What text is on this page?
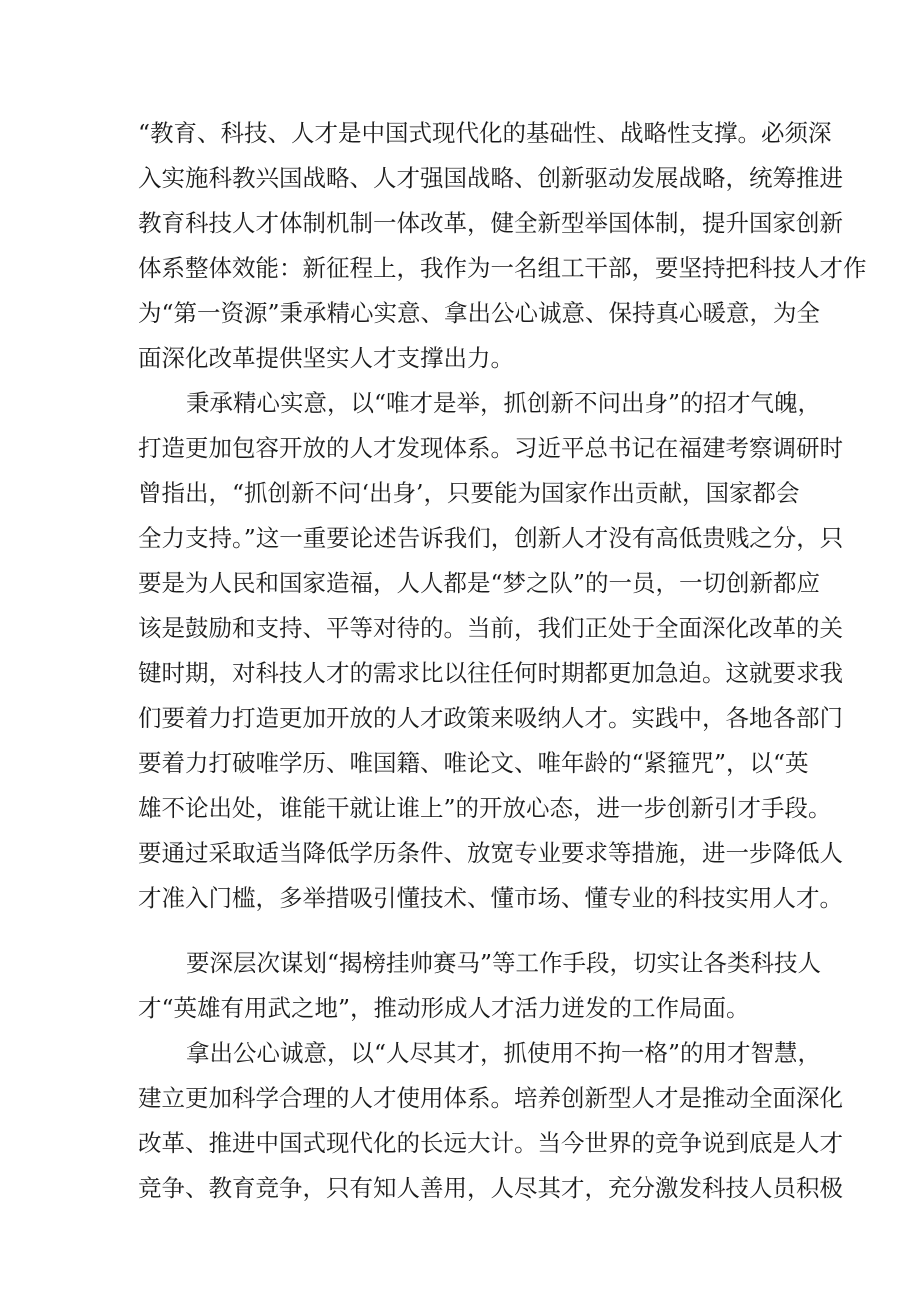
“教育、科技、人才是中国式现代化的基础性、战略性支撑。必须深
入实施科教兴国战略、人才强国战略、创新驱动发展战略，统筹推进
教育科技人才体制机制一体改革，健全新型举国体制，提升国家创新
体系整体效能：新征程上，我作为一名组工干部，要坚持把科技人才作
为“第一资源”秉承精心实意、拿出公心诚意、保持真心暖意，为全
面深化改革提供坚实人才支撑出力。
秉承精心实意，以“唯才是举，抓创新不问出身”的招才气魄，
打造更加包容开放的人才发现体系。习近平总书记在福建考察调研时
曾指出，“抓创新不问‘出身’，只要能为国家作出贡献，国家都会
全力支持。”这一重要论述告诉我们，创新人才没有高低贵贱之分，只
要是为人民和国家造福，人人都是“梦之队”的一员，一切创新都应
该是鼓励和支持、平等对待的。当前，我们正处于全面深化改革的关
键时期，对科技人才的需求比以往任何时期都更加急迫。这就要求我
们要着力打造更加开放的人才政策来吸纳人才。实践中，各地各部门
要着力打破唯学历、唯国籍、唯论文、唯年龄的“紧箍咒”，以“英
雄不论出处，谁能干就让谁上”的开放心态，进一步创新引才手段。
要通过采取适当降低学历条件、放宽专业要求等措施，进一步降低人
才准入门槛，多举措吸引懂技术、懂市场、懂专业的科技实用人才。
要深层次谋划“揭榜挂帅赛马”等工作手段，切实让各类科技人
才“英雄有用武之地”，推动形成人才活力迸发的工作局面。
拿出公心诚意，以“人尽其才，抓使用不拘一格”的用才智慧，
建立更加科学合理的人才使用体系。培养创新型人才是推动全面深化
改革、推进中国式现代化的长远大计。当今世界的竞争说到底是人才
竞争、教育竞争，只有知人善用，人尽其才，充分激发科技人员积极
